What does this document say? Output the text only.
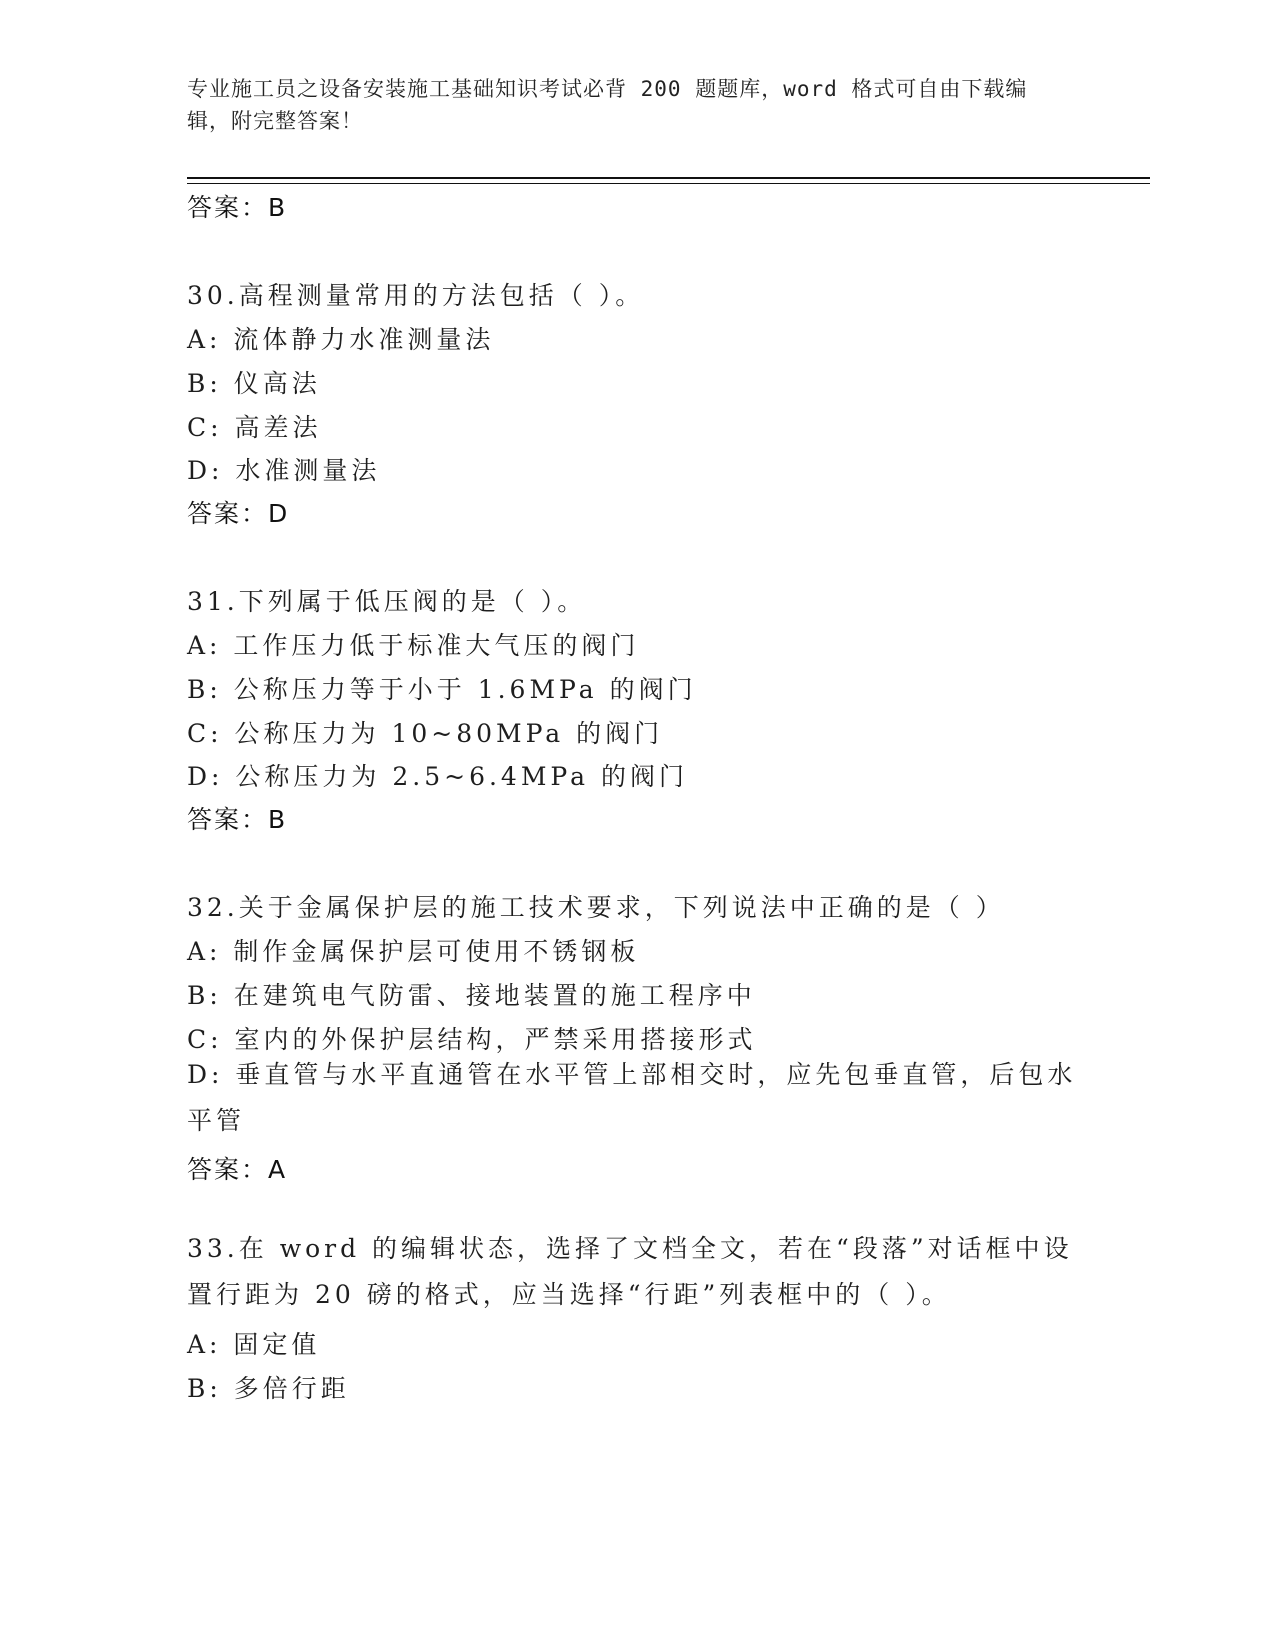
专业施工员之设备安装施工基础知识考试必背 200 题题库，word 格式可自由下载编辑，附完整答案！
答案：B
30.高程测量常用的方法包括（ ）。
A: 流体静力水准测量法
B: 仪高法
C: 高差法
D: 水准测量法
答案：D
31.下列属于低压阀的是（ ）。
A: 工作压力低于标准大气压的阀门
B: 公称压力等于小于 1.6MPa 的阀门
C: 公称压力为 10~80MPa 的阀门
D: 公称压力为 2.5~6.4MPa 的阀门
答案：B
32.关于金属保护层的施工技术要求，下列说法中正确的是（ ）
A: 制作金属保护层可使用不锈钢板
B: 在建筑电气防雷、接地装置的施工程序中
C: 室内的外保护层结构，严禁采用搭接形式
D: 垂直管与水平直通管在水平管上部相交时，应先包垂直管，后包水平管
答案：A
33.在 word 的编辑状态，选择了文档全文，若在“段落”对话框中设置行距为 20 磅的格式，应当选择“行距”列表框中的（ ）。
A: 固定值
B: 多倍行距
